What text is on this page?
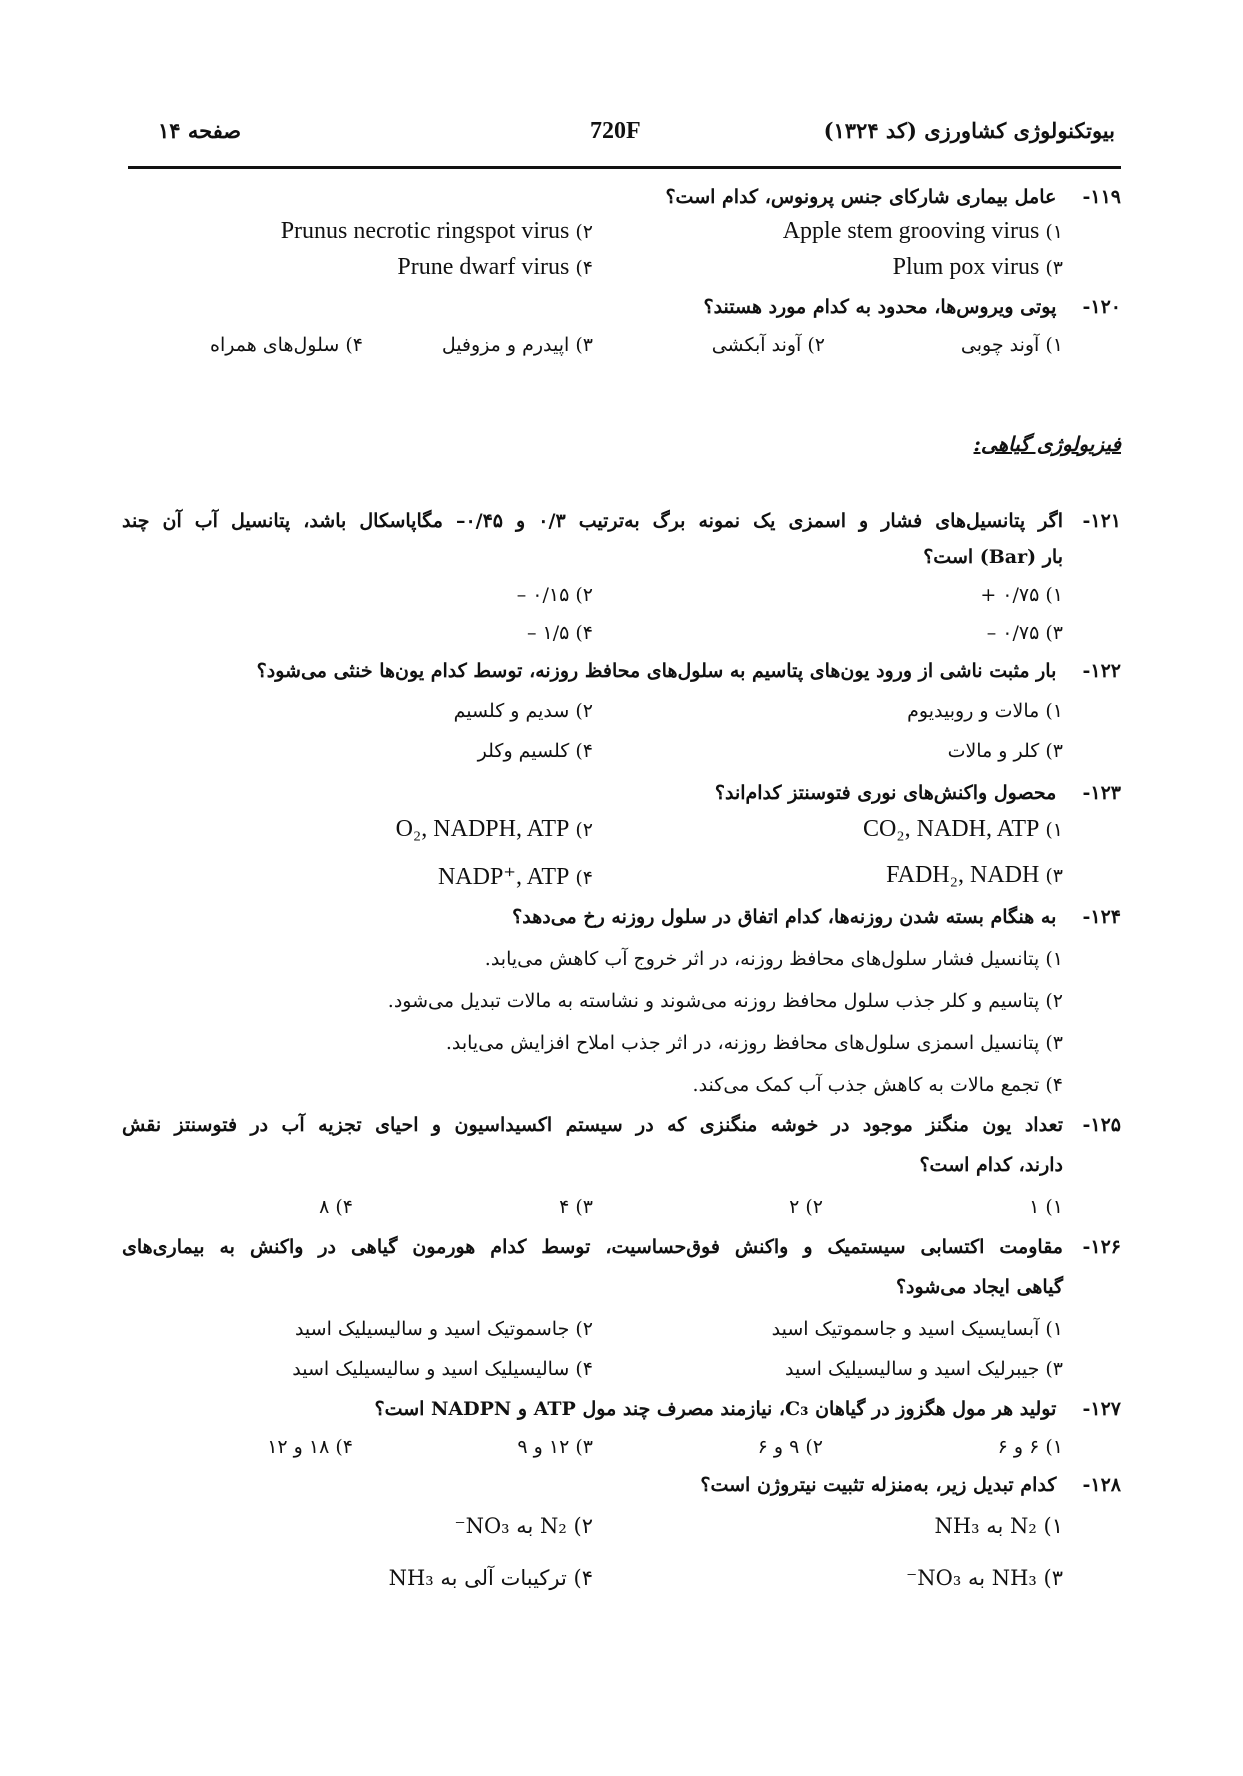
بیوتکنولوژی کشاورزی (کد ۱۳۲۴)
720F
صفحه ۱۴
۱۱۹- عامل بیماری شارکای جنس پرونوس، کدام است؟
۱) Apple stem grooving virus
۲) Prunus necrotic ringspot virus
۳) Plum pox virus
۴) Prune dwarf virus
۱۲۰- پوتی ویروس‌ها، محدود به کدام مورد هستند؟
۱) آوند چوبی
۲) آوند آبکشی
۳) اپیدرم و مزوفیل
۴) سلول‌های همراه
فیزیولوژی گیاهی:
۱۲۱-
اگر پتانسیل‌های فشار و اسمزی یک نمونه برگ به‌ترتیب ۰/۳ و ۰/۴۵– مگاپاسکال باشد، پتانسیل آب آن چند
بار (Bar) است؟
۱) ۰/۷۵ +
۲) ۰/۱۵ –
۳) ۰/۷۵ –
۴) ۱/۵ –
۱۲۲- بار مثبت ناشی از ورود یون‌های پتاسیم به سلول‌های محافظ روزنه، توسط کدام یون‌ها خنثی می‌شود؟
۱) مالات و روبیدیوم
۲) سدیم و کلسیم
۳) کلر و مالات
۴) کلسیم وکلر
۱۲۳- محصول واکنش‌های نوری فتوسنتز کدام‌اند؟
۱) CO₂, NADH, ATP
۲) O₂, NADPH, ATP
۳) FADH₂, NADH
۴) NADP⁺, ATP
۱۲۴- به هنگام بسته شدن روزنه‌ها، کدام اتفاق در سلول روزنه رخ می‌دهد؟
۱) پتانسیل فشار سلول‌های محافظ روزنه، در اثر خروج آب کاهش می‌یابد.
۲) پتاسیم و کلر جذب سلول محافظ روزنه می‌شوند و نشاسته به مالات تبدیل می‌شود.
۳) پتانسیل اسمزی سلول‌های محافظ روزنه، در اثر جذب املاح افزایش می‌یابد.
۴) تجمع مالات به کاهش جذب آب کمک می‌کند.
۱۲۵-
تعداد یون منگنز موجود در خوشه منگنزی که در سیستم اکسیداسیون و احیای تجزیه آب در فتوسنتز نقش
دارند، کدام است؟
۱) ۱
۲) ۲
۳) ۴
۴) ۸
۱۲۶-
مقاومت اکتسابی سیستمیک و واکنش فوق‌حساسیت، توسط کدام هورمون گیاهی در واکنش به بیماری‌های
گیاهی ایجاد می‌شود؟
۱) آبسایسیک اسید و جاسموتیک اسید
۲) جاسموتیک اسید و سالیسیلیک اسید
۳) جیبرلیک اسید و سالیسیلیک اسید
۴) سالیسیلیک اسید و سالیسیلیک اسید
۱۲۷- تولید هر مول هگزوز در گیاهان C₃، نیازمند مصرف چند مول ATP و NADPN است؟
۱) ۶ و ۶
۲) ۹ و ۶
۳) ۱۲ و ۹
۴) ۱۸ و ۱۲
۱۲۸- کدام تبدیل زیر، به‌منزله تثبیت نیتروژن است؟
۱) N₂ به NH₃
۲) N₂ به NO₃⁻
۳) NH₃ به NO₃⁻
۴) ترکیبات آلی به NH₃
